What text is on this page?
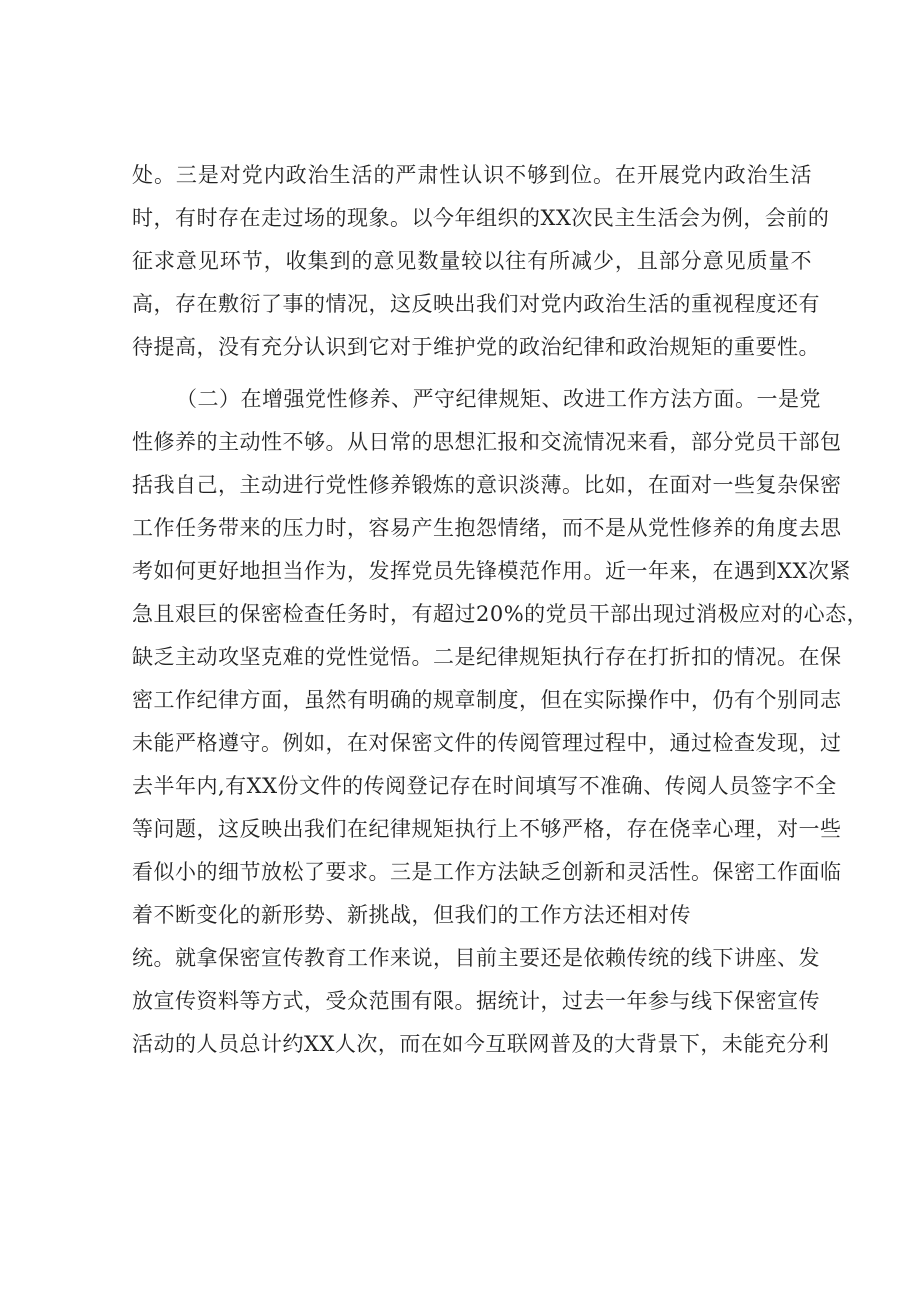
处。三是对党内政治生活的严肃性认识不够到位。在开展党内政治生活
时，有时存在走过场的现象。以今年组织的XX次民主生活会为例，会前的
征求意见环节，收集到的意见数量较以往有所减少，且部分意见质量不
高，存在敷衍了事的情况，这反映出我们对党内政治生活的重视程度还有
待提高，没有充分认识到它对于维护党的政治纪律和政治规矩的重要性。
（二）在增强党性修养、严守纪律规矩、改进工作方法方面。一是党
性修养的主动性不够。从日常的思想汇报和交流情况来看，部分党员干部包
括我自己，主动进行党性修养锻炼的意识淡薄。比如，在面对一些复杂保密
工作任务带来的压力时，容易产生抱怨情绪，而不是从党性修养的角度去思
考如何更好地担当作为，发挥党员先锋模范作用。近一年来，在遇到XX次紧
急且艰巨的保密检查任务时，有超过20%的党员干部出现过消极应对的心态，
缺乏主动攻坚克难的党性觉悟。二是纪律规矩执行存在打折扣的情况。在保
密工作纪律方面，虽然有明确的规章制度，但在实际操作中，仍有个别同志
未能严格遵守。例如，在对保密文件的传阅管理过程中，通过检查发现，过
去半年内,有XX份文件的传阅登记存在时间填写不准确、传阅人员签字不全
等问题，这反映出我们在纪律规矩执行上不够严格，存在侥幸心理，对一些
看似小的细节放松了要求。三是工作方法缺乏创新和灵活性。保密工作面临
着不断变化的新形势、新挑战，但我们的工作方法还相对传
统。就拿保密宣传教育工作来说，目前主要还是依赖传统的线下讲座、发
放宣传资料等方式，受众范围有限。据统计，过去一年参与线下保密宣传
活动的人员总计约XX人次，而在如今互联网普及的大背景下，未能充分利
